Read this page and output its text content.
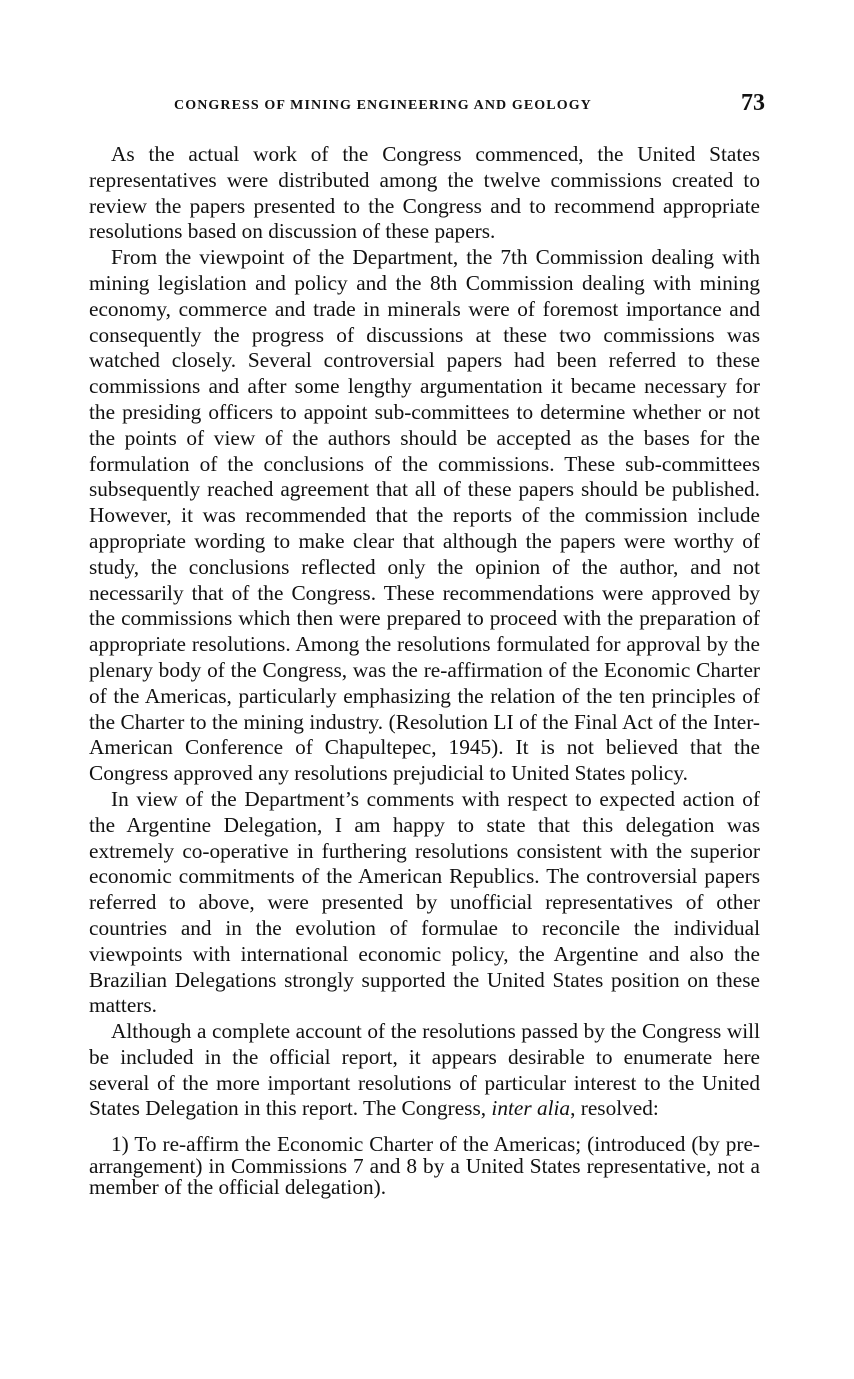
CONGRESS OF MINING ENGINEERING AND GEOLOGY	73

As the actual work of the Congress commenced, the United States representatives were distributed among the twelve commissions created to review the papers presented to the Congress and to recommend appropriate resolutions based on discussion of these papers.

From the viewpoint of the Department, the 7th Commission dealing with mining legislation and policy and the 8th Commission dealing with mining economy, commerce and trade in minerals were of foremost importance and consequently the progress of discussions at these two commissions was watched closely. Several controversial papers had been referred to these commissions and after some lengthy argumentation it became necessary for the presiding officers to appoint sub-committees to determine whether or not the points of view of the authors should be accepted as the bases for the formulation of the conclusions of the commissions. These sub-committees subsequently reached agreement that all of these papers should be published. However, it was recommended that the reports of the commission include appropriate wording to make clear that although the papers were worthy of study, the conclusions reflected only the opinion of the author, and not necessarily that of the Congress. These recommendations were approved by the commissions which then were prepared to proceed with the preparation of appropriate resolutions. Among the resolutions formulated for approval by the plenary body of the Congress, was the re-affirmation of the Economic Charter of the Americas, particularly emphasizing the relation of the ten principles of the Charter to the mining industry. (Resolution LI of the Final Act of the Inter-American Conference of Chapultepec, 1945). It is not believed that the Congress approved any resolutions prejudicial to United States policy.

In view of the Department’s comments with respect to expected action of the Argentine Delegation, I am happy to state that this delegation was extremely co-operative in furthering resolutions consistent with the superior economic commitments of the American Republics. The controversial papers referred to above, were presented by unofficial representatives of other countries and in the evolution of formulae to reconcile the individual viewpoints with international economic policy, the Argentine and also the Brazilian Delegations strongly supported the United States position on these matters.

Although a complete account of the resolutions passed by the Congress will be included in the official report, it appears desirable to enumerate here several of the more important resolutions of particular interest to the United States Delegation in this report. The Congress, inter alia, resolved:

1) To re-affirm the Economic Charter of the Americas; (introduced (by pre-arrangement) in Commissions 7 and 8 by a United States representative, not a member of the official delegation).
